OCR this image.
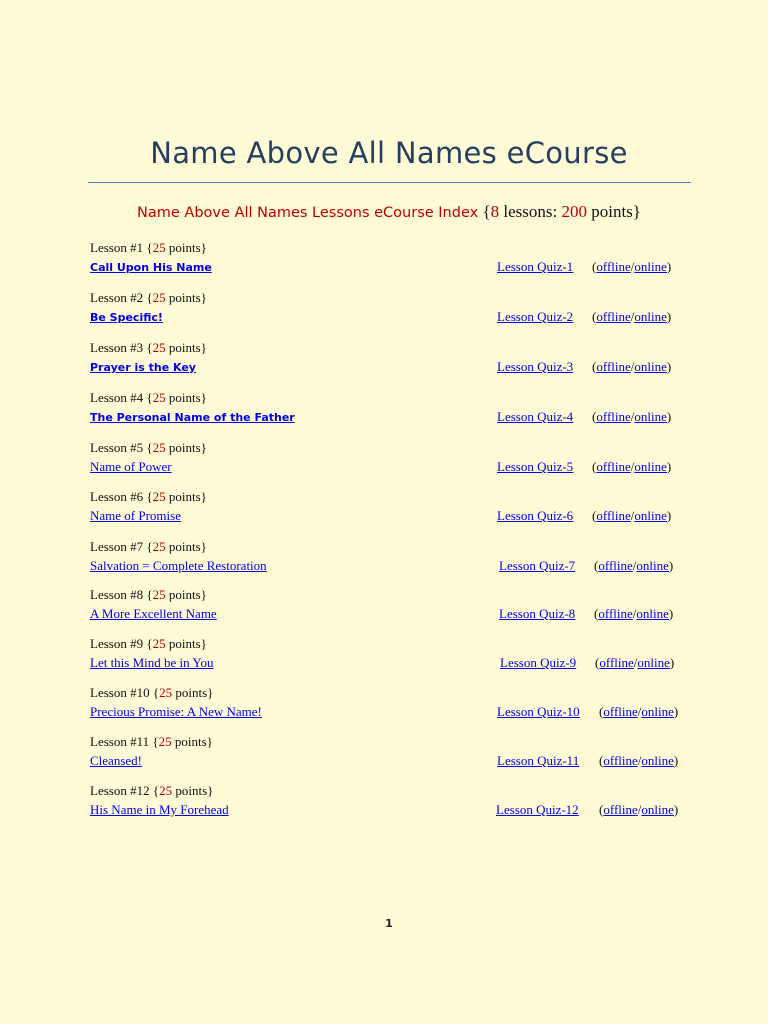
Name Above All Names eCourse
Name Above All Names Lessons eCourse Index {8 lessons: 200 points}
Lesson #1 {25 points}
Call Upon His Name	Lesson Quiz-1 (offline/online)
Lesson #2 {25 points}
Be Specific!	Lesson Quiz-2 (offline/online)
Lesson #3 {25 points}
Prayer is the Key	Lesson Quiz-3 (offline/online)
Lesson #4 {25 points}
The Personal Name of the Father	Lesson Quiz-4 (offline/online)
Lesson #5 {25 points}
Name of Power	Lesson Quiz-5 (offline/online)
Lesson #6 {25 points}
Name of Promise	Lesson Quiz-6 (offline/online)
Lesson #7 {25 points}
Salvation = Complete Restoration	Lesson Quiz-7 (offline/online)
Lesson #8 {25 points}
A More Excellent Name	Lesson Quiz-8 (offline/online)
Lesson #9 {25 points}
Let this Mind be in You	Lesson Quiz-9 (offline/online)
Lesson #10 {25 points}
Precious Promise: A New Name!	Lesson Quiz-10 (offline/online)
Lesson #11 {25 points}
Cleansed!	Lesson Quiz-11 (offline/online)
Lesson #12 {25 points}
His Name in My Forehead	Lesson Quiz-12 (offline/online)
1
